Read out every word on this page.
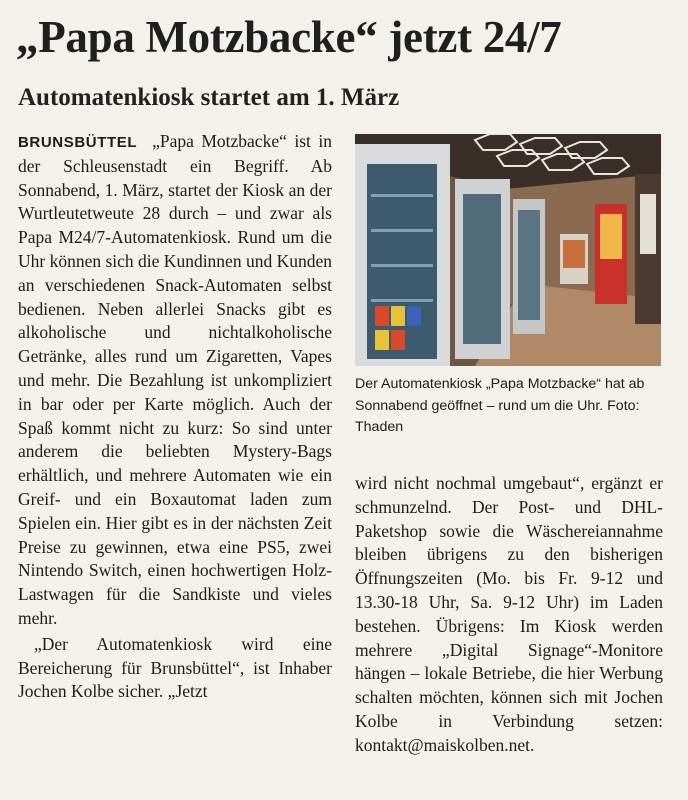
„Papa Motzbacke“ jetzt 24/7
Automatenkiosk startet am 1. März

BRUNSBÜTTEL „Papa Motzbacke“ ist in der Schleusenstadt ein Begriff. Ab Sonnabend, 1. März, startet der Kiosk an der Wurtleutetweute 28 durch – und zwar als Papa M24/7-Automatenkiosk. Rund um die Uhr können sich die Kundinnen und Kunden an verschiedenen Snack-Automaten selbst bedienen. Neben allerlei Snacks gibt es alkoholische und nichtalkoholische Getränke, alles rund um Zigaretten, Vapes und mehr. Die Bezahlung ist unkompliziert in bar oder per Karte möglich. Auch der Spaß kommt nicht zu kurz: So sind unter anderem die beliebten Mystery-Bags erhältlich, und mehrere Automaten wie ein Greif- und ein Boxautomat laden zum Spielen ein. Hier gibt es in der nächsten Zeit Preise zu gewinnen, etwa eine PS5, zwei Nintendo Switch, einen hochwertigen Holz-Lastwagen für die Sandkiste und vieles mehr.

„Der Automatenkiosk wird eine Bereicherung für Brunsbüttel“, ist Inhaber Jochen Kolbe sicher. „Jetzt

Der Automatenkiosk „Papa Motzbacke“ hat ab Sonnabend geöffnet – rund um die Uhr. Foto: Thaden

wird nicht nochmal umgebaut“, ergänzt er schmunzelnd. Der Post- und DHL-Paketshop sowie die Wäschereiannahme bleiben übrigens zu den bisherigen Öffnungszeiten (Mo. bis Fr. 9-12 und 13.30-18 Uhr, Sa. 9-12 Uhr) im Laden bestehen. Übrigens: Im Kiosk werden mehrere „Digital Signage“-Monitore hängen – lokale Betriebe, die hier Werbung schalten möchten, können sich mit Jochen Kolbe in Verbindung setzen: kontakt@maiskolben.net.
